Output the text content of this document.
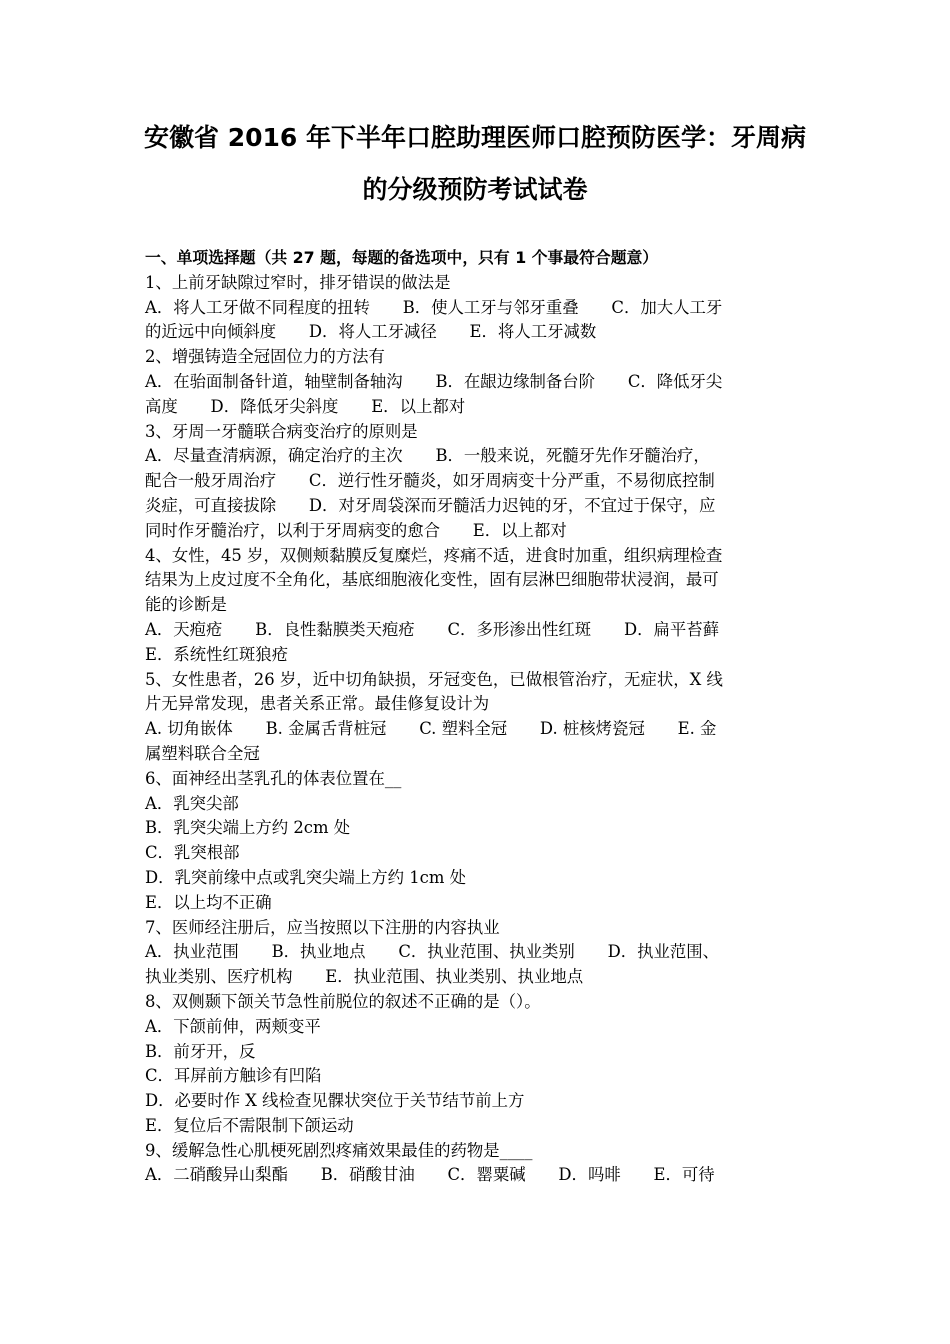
安徽省 2016 年下半年口腔助理医师口腔预防医学：牙周病
的分级预防考试试卷
一、单项选择题（共 27 题，每题的备选项中，只有 1 个事最符合题意）
1、上前牙缺隙过窄时，排牙错误的做法是
A．将人工牙做不同程度的扭转　　B．使人工牙与邻牙重叠　　C．加大人工牙
的近远中向倾斜度　　D．将人工牙减径　　E．将人工牙减数
2、增强铸造全冠固位力的方法有
A．在骀面制备针道，轴壁制备轴沟　　B．在龈边缘制备台阶　　C．降低牙尖
高度　　D．降低牙尖斜度　　E．以上都对
3、牙周一牙髓联合病变治疗的原则是
A．尽量查清病源，确定治疗的主次　　B．一般来说，死髓牙先作牙髓治疗，
配合一般牙周治疗　　C．逆行性牙髓炎，如牙周病变十分严重，不易彻底控制
炎症，可直接拔除　　D．对牙周袋深而牙髓活力迟钝的牙，不宜过于保守，应
同时作牙髓治疗，以利于牙周病变的愈合　　E．以上都对
4、女性，45 岁，双侧颊黏膜反复糜烂，疼痛不适，进食时加重，组织病理检查
结果为上皮过度不全角化，基底细胞液化变性，固有层淋巴细胞带状浸润，最可
能的诊断是
A．天疱疮　　B．良性黏膜类天疱疮　　C．多形渗出性红斑　　D．扁平苔藓
E．系统性红斑狼疮
5、女性患者，26 岁，近中切角缺损，牙冠变色，已做根管治疗，无症状，X 线
片无异常发现，患者关系正常。最佳修复设计为
A. 切角嵌体　　B. 金属舌背桩冠　　C. 塑料全冠　　D. 桩核烤瓷冠　　E. 金
属塑料联合全冠
6、面神经出茎乳孔的体表位置在__
A．乳突尖部
B．乳突尖端上方约 2cm 处
C．乳突根部
D．乳突前缘中点或乳突尖端上方约 1cm 处
E．以上均不正确
7、医师经注册后，应当按照以下注册的内容执业
A．执业范围　　B．执业地点　　C．执业范围、执业类别　　D．执业范围、
执业类别、医疗机构　　E．执业范围、执业类别、执业地点
8、双侧颞下颌关节急性前脱位的叙述不正确的是（）。
A．下颌前伸，两颊变平
B．前牙开，反
C．耳屏前方触诊有凹陷
D．必要时作 X 线检查见髁状突位于关节结节前上方
E．复位后不需限制下颌运动
9、缓解急性心肌梗死剧烈疼痛效果最佳的药物是____
A．二硝酸异山梨酯　　B．硝酸甘油　　C．罂粟碱　　D．吗啡　　E．可待
